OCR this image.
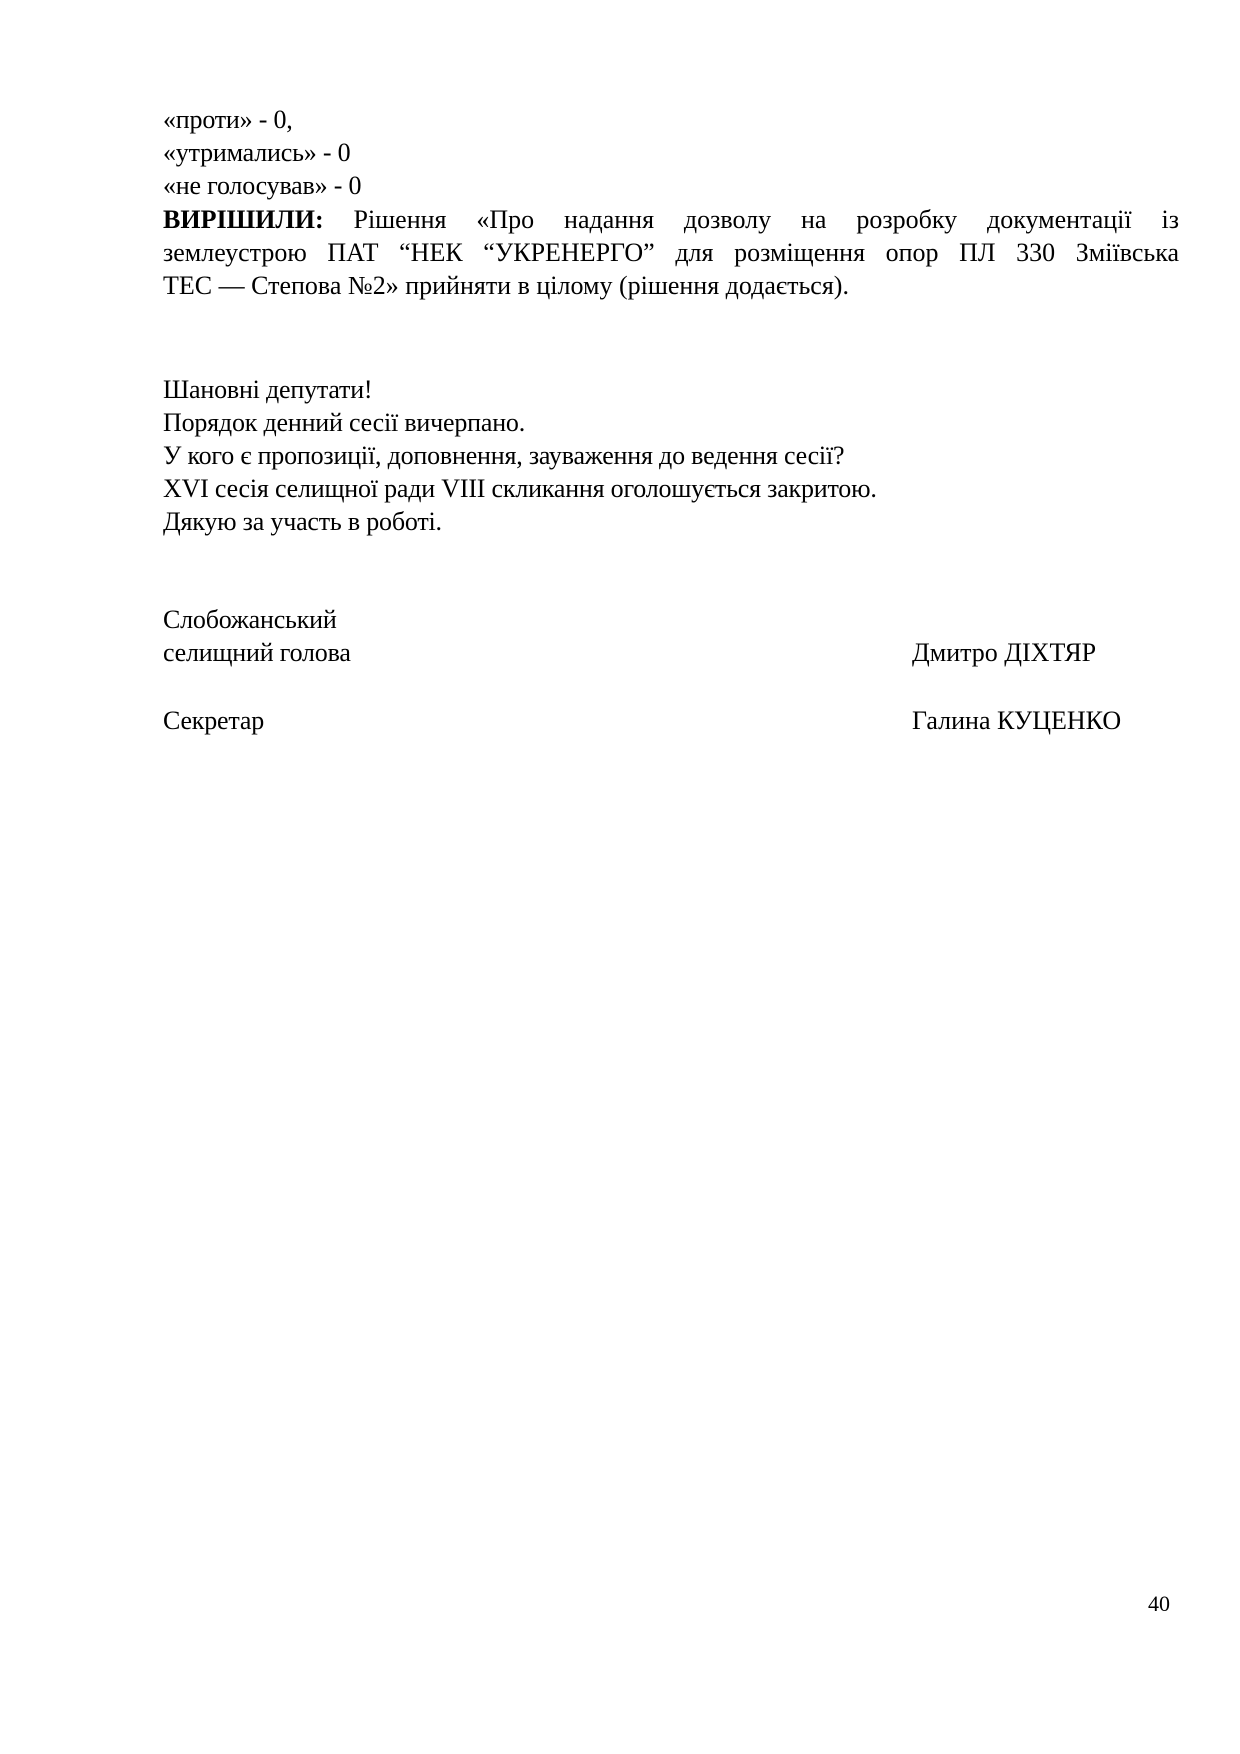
«проти» - 0,
«утримались» - 0
«не голосував» - 0
ВИРІШИЛИ: Рішення «Про надання дозволу на розробку документації із
землеустрою ПАТ “НЕК “УКРЕНЕРГО” для розміщення опор ПЛ 330 Зміївська
ТЕС — Степова №2» прийняти в цілому (рішення додається).
Шановні депутати!
Порядок денний сесії вичерпано.
У кого є пропозиції, доповнення, зауваження до ведення сесії?
XVI сесія селищної ради VIII скликання оголошується закритою.
Дякую за участь в роботі.
Слобожанський
селищний голова	Дмитро ДІХТЯР
Секретар	Галина КУЦЕНКО
40
